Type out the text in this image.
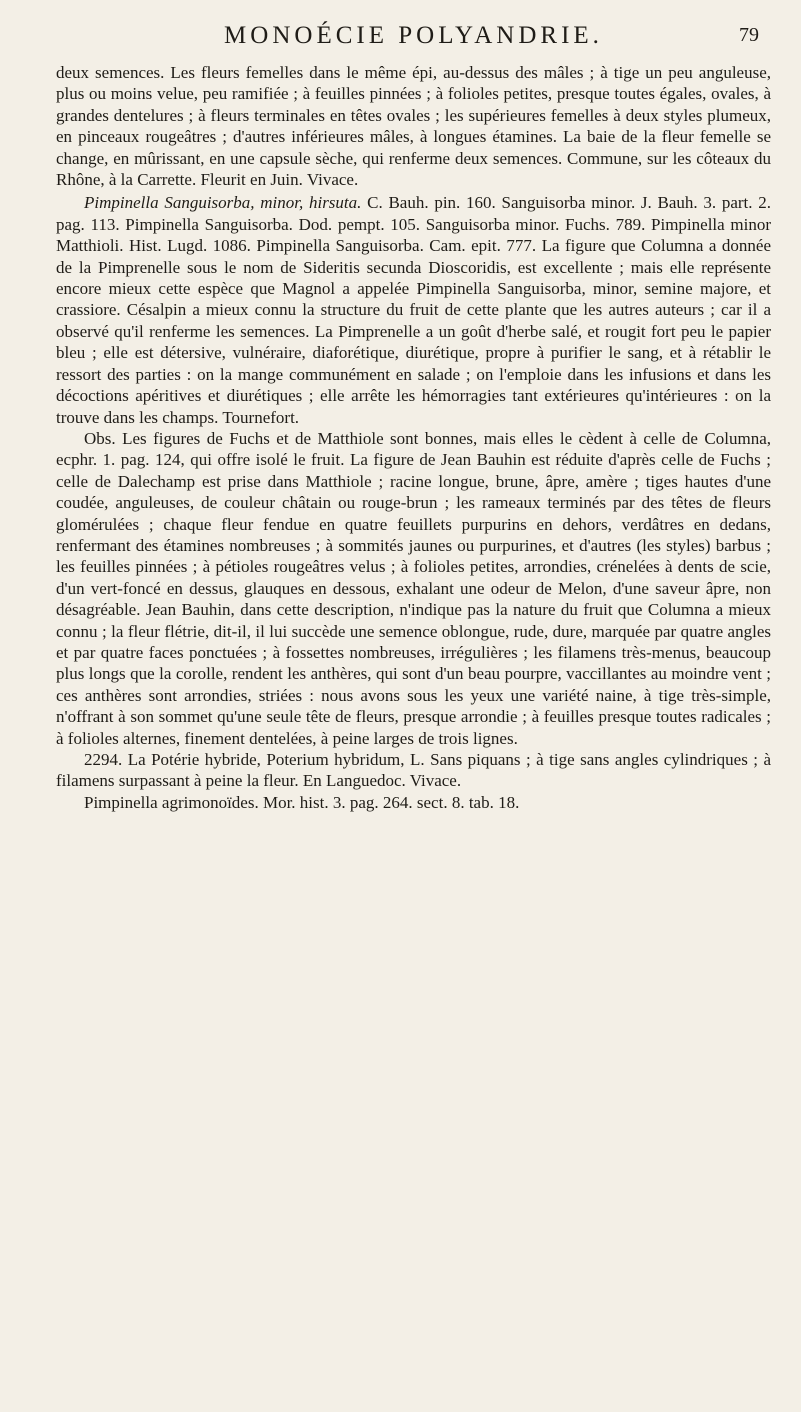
MONOÉCIE POLYANDRIE.	79

deux semences. Les fleurs femelles dans le même épi, au-dessus des mâles ; à tige un peu anguleuse, plus ou moins velue, peu ramifiée ; à feuilles pinnées ; à folioles petites, presque toutes égales, ovales, à grandes dentelures ; à fleurs terminales en têtes ovales ; les supérieures femelles à deux styles plumeux, en pinceaux rougeâtres ; d'autres inférieures mâles, à longues étamines. La baie de la fleur femelle se change, en mûrissant, en une capsule sèche, qui renferme deux semences. Commune, sur les côteaux du Rhône, à la Carrette. Fleurit en Juin. Vivace.

Pimpinella Sanguisorba, minor, hirsuta. C. Bauh. pin. 160. Sanguisorba minor. J. Bauh. 3. part. 2. pag. 113. Pimpinella Sanguisorba. Dod. pempt. 105. Sanguisorba minor. Fuchs. 789. Pimpinella minor Matthioli. Hist. Lugd. 1086. Pimpinella Sanguisorba. Cam. epit. 777. La figure que Columna a donnée de la Pimprenelle sous le nom de Sideritis secunda Dioscoridis, est excellente ; mais elle représente encore mieux cette espèce que Magnol a appelée Pimpinella Sanguisorba, minor, semine majore, et crassiore. Césalpin a mieux connu la structure du fruit de cette plante que les autres auteurs ; car il a observé qu'il renferme les semences. La Pimprenelle a un goût d'herbe salé, et rougit fort peu le papier bleu ; elle est détersive, vulnéraire, diaforétique, diurétique, propre à purifier le sang, et à rétablir le ressort des parties : on la mange communément en salade ; on l'emploie dans les infusions et dans les décoctions apéritives et diurétiques ; elle arrête les hémorragies tant extérieures qu'intérieures : on la trouve dans les champs. Tournefort.

Obs. Les figures de Fuchs et de Matthiole sont bonnes, mais elles le cèdent à celle de Columna, ecphr. 1. pag. 124, qui offre isolé le fruit. La figure de Jean Bauhin est réduite d'après celle de Fuchs ; celle de Dalechamp est prise dans Matthiole ; racine longue, brune, âpre, amère ; tiges hautes d'une coudée, anguleuses, de couleur châtain ou rouge-brun ; les rameaux terminés par des têtes de fleurs glomérulées ; chaque fleur fendue en quatre feuillets purpurins en dehors, verdâtres en dedans, renfermant des étamines nombreuses ; à sommités jaunes ou purpurines, et d'autres (les styles) barbus ; les feuilles pinnées ; à pétioles rougeâtres velus ; à folioles petites, arrondies, crénelées à dents de scie, d'un vert-foncé en dessus, glauques en dessous, exhalant une odeur de Melon, d'une saveur âpre, non désagréable. Jean Bauhin, dans cette description, n'indique pas la nature du fruit que Columna a mieux connu ; la fleur flétrie, dit-il, il lui succède une semence oblongue, rude, dure, marquée par quatre angles et par quatre faces ponctuées ; à fossettes nombreuses, irrégulières ; les filamens très-menus, beaucoup plus longs que la corolle, rendent les anthères, qui sont d'un beau pourpre, vaccillantes au moindre vent ; ces anthères sont arrondies, striées : nous avons sous les yeux une variété naine, à tige très-simple, n'offrant à son sommet qu'une seule tête de fleurs, presque arrondie ; à feuilles presque toutes radicales ; à folioles alternes, finement dentelées, à peine larges de trois lignes.

2294. La Potérie hybride, Poterium hybridum, L. Sans piquans ; à tige sans angles cylindriques ; à filamens surpassant à peine la fleur. En Languedoc. Vivace.

Pimpinella agrimonoïdes. Mor. hist. 3. pag. 264. sect. 8. tab. 18.
